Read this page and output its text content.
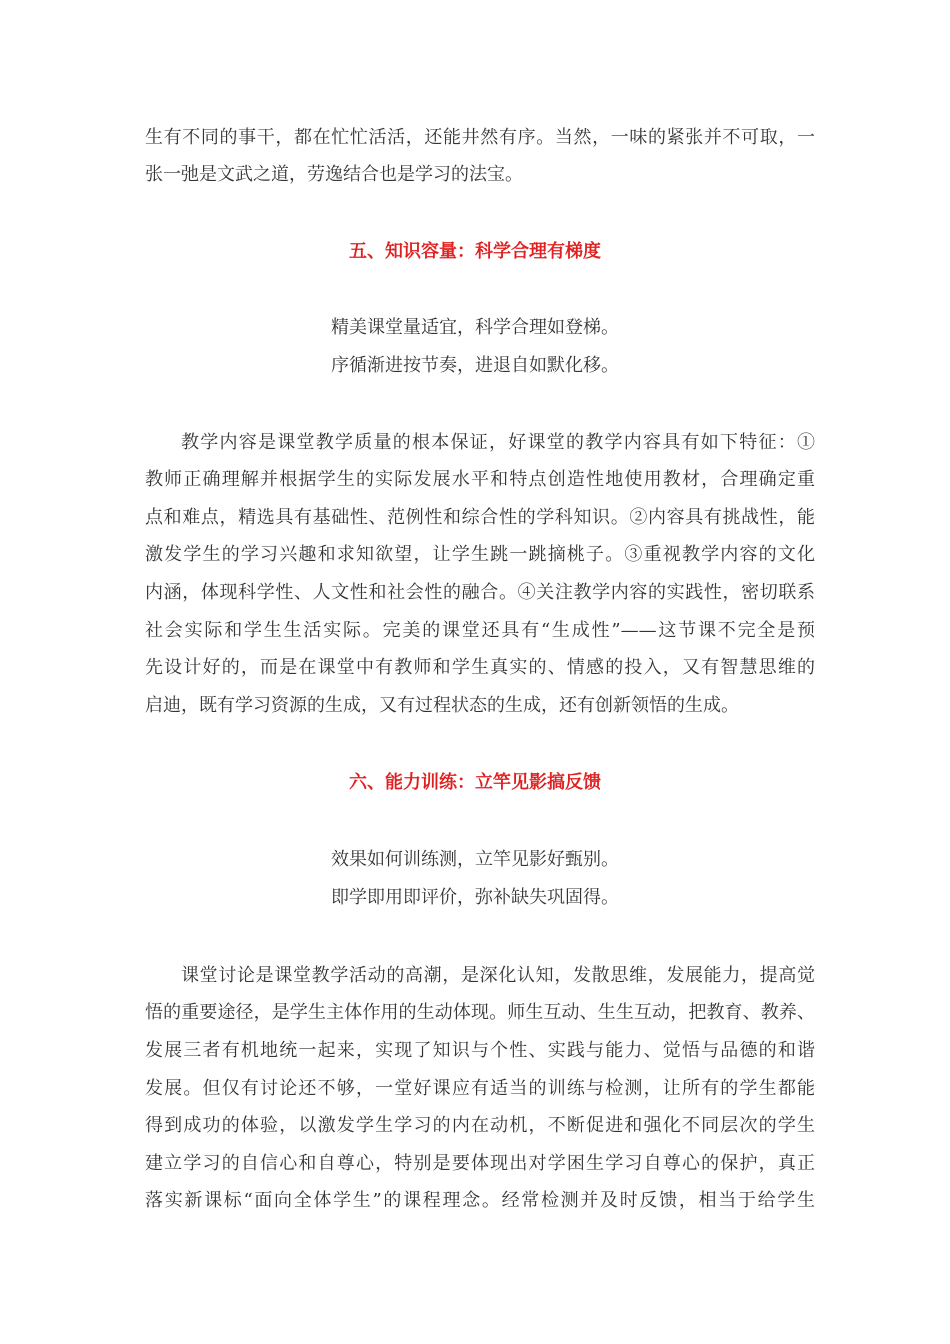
生有不同的事干，都在忙忙活活，还能井然有序。当然，一味的紧张并不可取，一
张一弛是文武之道，劳逸结合也是学习的法宝。
五、知识容量：科学合理有梯度
精美课堂量适宜，科学合理如登梯。
序循渐进按节奏，进退自如默化移。
教学内容是课堂教学质量的根本保证，好课堂的教学内容具有如下特征：①
教师正确理解并根据学生的实际发展水平和特点创造性地使用教材，合理确定重
点和难点，精选具有基础性、范例性和综合性的学科知识。②内容具有挑战性，能
激发学生的学习兴趣和求知欲望，让学生跳一跳摘桃子。③重视教学内容的文化
内涵，体现科学性、人文性和社会性的融合。④关注教学内容的实践性，密切联系
社会实际和学生生活实际。完美的课堂还具有“生成性”——这节课不完全是预
先设计好的，而是在课堂中有教师和学生真实的、情感的投入，又有智慧思维的
启迪，既有学习资源的生成，又有过程状态的生成，还有创新领悟的生成。
六、能力训练：立竿见影搞反馈
效果如何训练测，立竿见影好甄别。
即学即用即评价，弥补缺失巩固得。
课堂讨论是课堂教学活动的高潮，是深化认知，发散思维，发展能力，提高觉
悟的重要途径，是学生主体作用的生动体现。师生互动、生生互动，把教育、教养、
发展三者有机地统一起来，实现了知识与个性、实践与能力、觉悟与品德的和谐
发展。但仅有讨论还不够，一堂好课应有适当的训练与检测，让所有的学生都能
得到成功的体验，以激发学生学习的内在动机，不断促进和强化不同层次的学生
建立学习的自信心和自尊心，特别是要体现出对学困生学习自尊心的保护，真正
落实新课标“面向全体学生”的课程理念。经常检测并及时反馈，相当于给学生
